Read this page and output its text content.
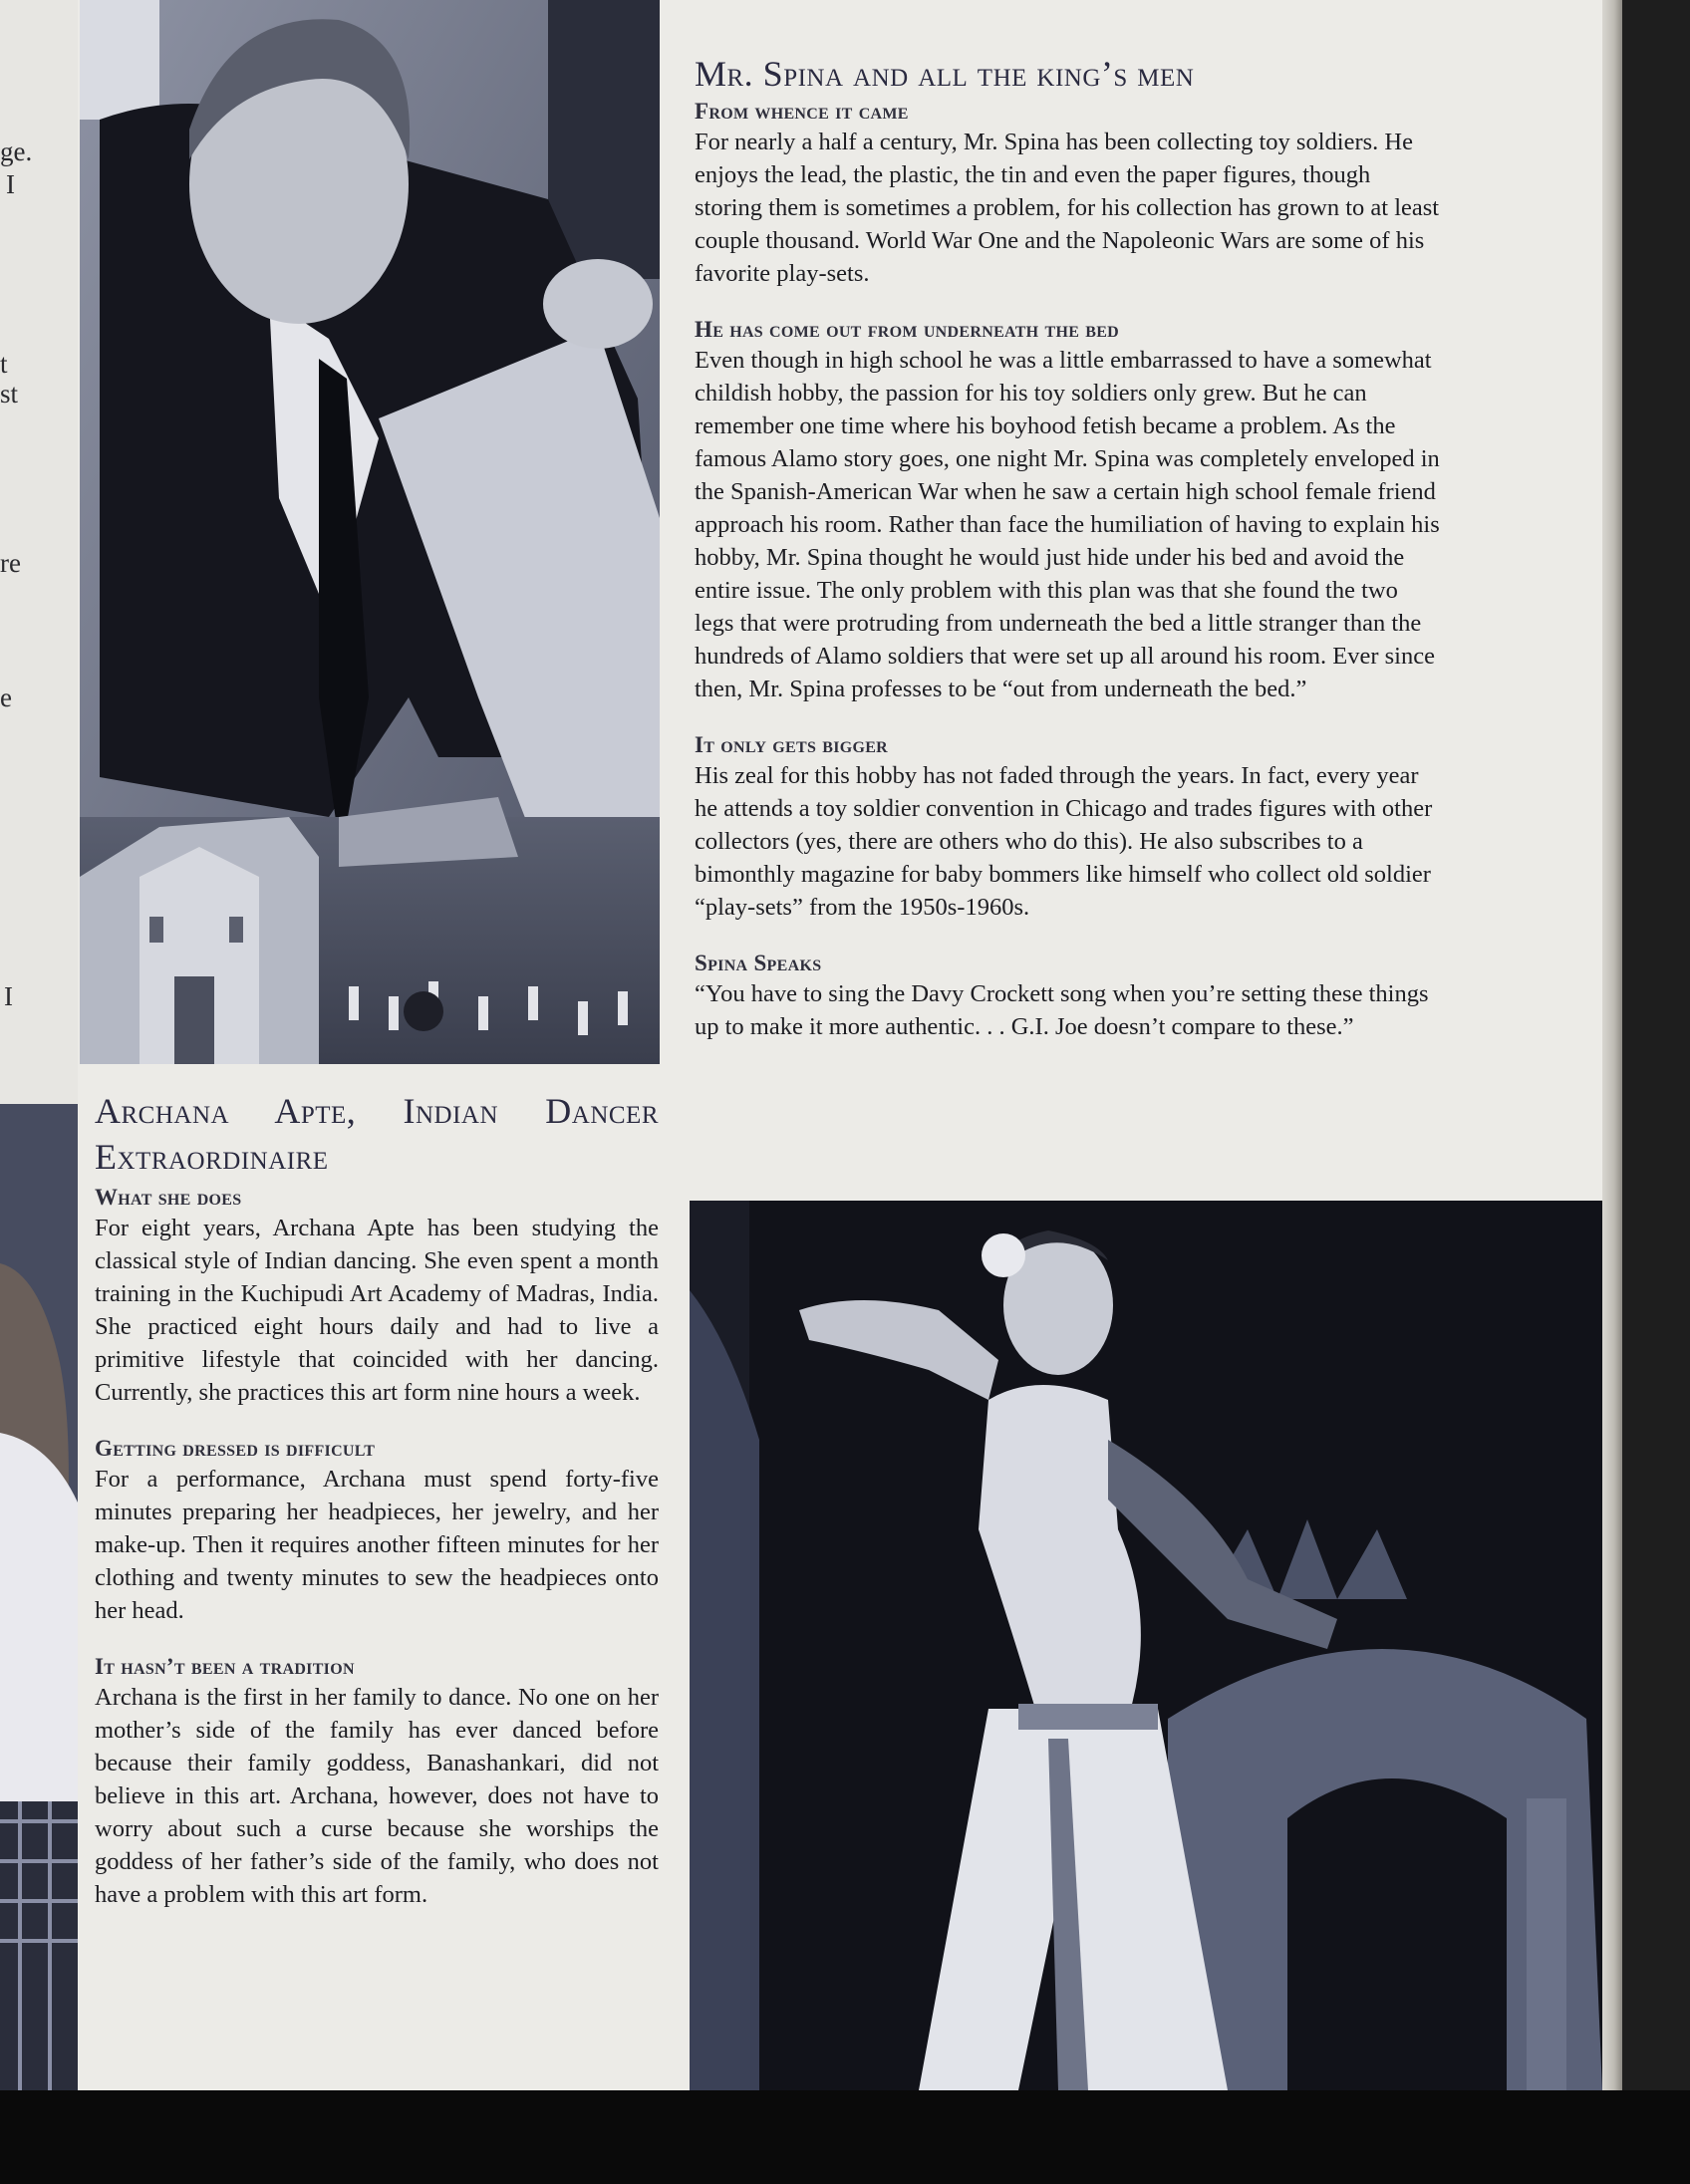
ge.
I
t
st
re
e
I
Mr. Spina and all the king’s men
From whence it came

For nearly a half a century, Mr. Spina has been collecting toy soldiers. He enjoys the lead, the plastic, the tin and even the paper figures, though storing them is sometimes a problem, for his collection has grown to at least couple thousand. World War One and the Napoleonic Wars are some of his favorite play-sets.

He has come out from underneath the bed

Even though in high school he was a little embarrassed to have a somewhat childish hobby, the passion for his toy soldiers only grew. But he can remember one time where his boyhood fetish became a problem. As the famous Alamo story goes, one night Mr. Spina was completely enveloped in the Spanish-American War when he saw a certain high school female friend approach his room. Rather than face the humiliation of having to explain his hobby, Mr. Spina thought he would just hide under his bed and avoid the entire issue. The only problem with this plan was that she found the two legs that were protruding from underneath the bed a little stranger than the hundreds of Alamo soldiers that were set up all around his room. Ever since then, Mr. Spina professes to be “out from underneath the bed.”

It only gets bigger

His zeal for this hobby has not faded through the years. In fact, every year he attends a toy soldier convention in Chicago and trades figures with other collectors (yes, there are others who do this). He also subscribes to a bimonthly magazine for baby bommers like himself who collect old soldier “play-sets” from the 1950s-1960s.

Spina Speaks

“You have to sing the Davy Crockett song when you’re setting these things up to make it more authentic. . . G.I. Joe doesn’t compare to these.”

Archana Apte, Indian Dancer Extraordinaire
What she does

For eight years, Archana Apte has been studying the classical style of Indian dancing. She even spent a month training in the Kuchipudi Art Academy of Madras, India. She practiced eight hours daily and had to live a primitive lifestyle that coincided with her dancing. Currently, she practices this art form nine hours a week.

Getting dressed is difficult

For a performance, Archana must spend forty-five minutes preparing her headpieces, her jewelry, and her make-up. Then it requires another fifteen minutes for her clothing and twenty minutes to sew the headpieces onto her head.

It hasn’t been a tradition

Archana is the first in her family to dance. No one on her mother’s side of the family has ever danced before because their family goddess, Banashankari, did not believe in this art. Archana, however, does not have to worry about such a curse because she worships the goddess of her father’s side of the family, who does not have a problem with this art form.
